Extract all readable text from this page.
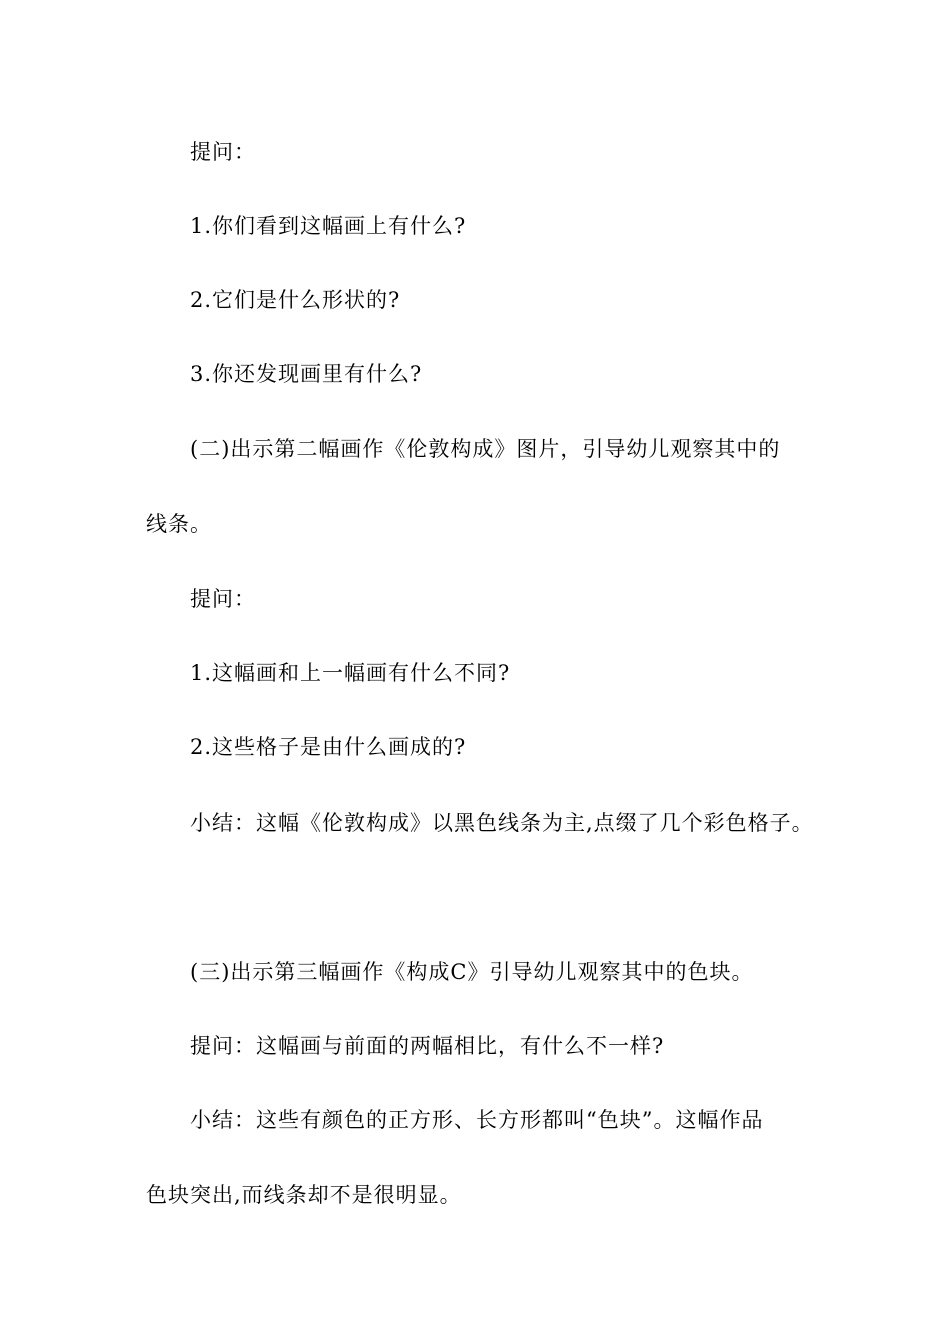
提问：
1.你们看到这幅画上有什么?
2.它们是什么形状的?
3.你还发现画里有什么?
(二)出示第二幅画作《伦敦构成》图片，引导幼儿观察其中的
线条。
提问：
1.这幅画和上一幅画有什么不同?
2.这些格子是由什么画成的?
小结：这幅《伦敦构成》以黑色线条为主,点缀了几个彩色格子。
(三)出示第三幅画作《构成C》引导幼儿观察其中的色块。
提问：这幅画与前面的两幅相比，有什么不一样?
小结：这些有颜色的正方形、长方形都叫“色块”。这幅作品
色块突出,而线条却不是很明显。
